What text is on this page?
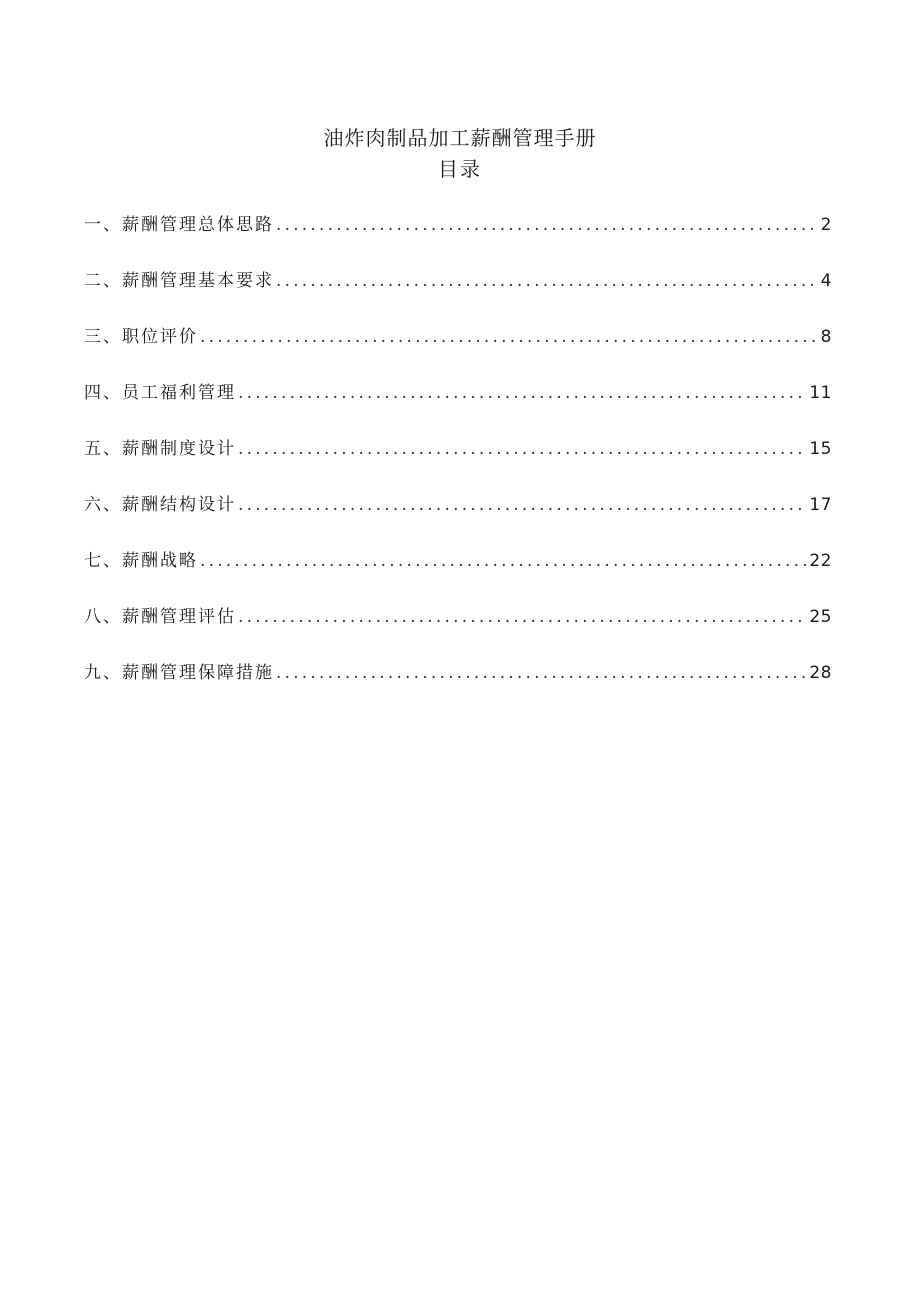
油炸肉制品加工薪酬管理手册
目录
一、薪酬管理总体思路 .....	2
二、薪酬管理基本要求 .....	4
三、职位评价 .....	8
四、员工福利管理 .....	11
五、薪酬制度设计 .....	15
六、薪酬结构设计 .....	17
七、薪酬战略 .....	22
八、薪酬管理评估 .....	25
九、薪酬管理保障措施 .....	28
